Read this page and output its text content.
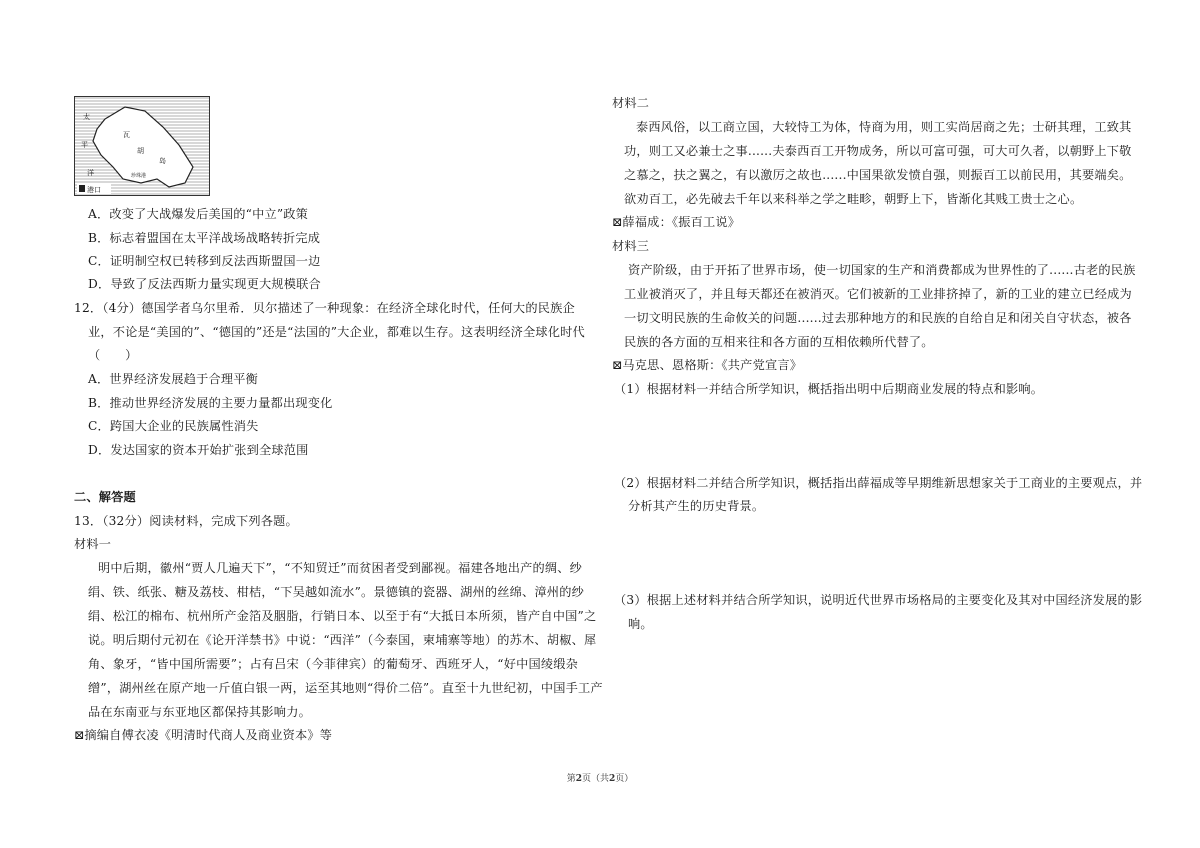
港口
太
平
洋
瓦
胡
岛
珍珠港
A．改变了大战爆发后美国的“中立”政策
B．标志着盟国在太平洋战场战略转折完成
C．证明制空权已转移到反法西斯盟国一边
D．导致了反法西斯力量实现更大规模联合
12．（4分）德国学者乌尔里希．贝尔描述了一种现象：在经济全球化时代，任何大的民族企
业，不论是“美国的”、“德国的”还是“法国的”大企业，都难以生存。这表明经济全球化时代
（　　）
A．世界经济发展趋于合理平衡
B．推动世界经济发展的主要力量都出现变化
C．跨国大企业的民族属性消失
D．发达国家的资本开始扩张到全球范围
二、解答题
13．（32分）阅读材料，完成下列各题。
材料一
明中后期，徽州“贾人几遍天下”，“不知贸迁”而贫困者受到鄙视。福建各地出产的绸、纱
绢、铁、纸张、糖及荔枝、柑桔，“下吴越如流水”。景德镇的瓷器、湖州的丝绵、漳州的纱
绢、松江的棉布、杭州所产金箔及胭脂，行销日本、以至于有“大抵日本所须，皆产自中国”之
说。明后期付元初在《论开洋禁书》中说：“西洋”（今泰国，柬埔寨等地）的苏木、胡椒、犀
角、象牙，“皆中国所需要”；占有吕宋（今菲律宾）的葡萄牙、西班牙人，“好中国绫缎杂
缯”，湖州丝在原产地一斤值白银一两，运至其地则“得价二倍”。直至十九世纪初，中国手工产
品在东南亚与东亚地区都保持其影响力。
⊠摘编自傅衣凌《明清时代商人及商业资本》等
材料二
泰西风俗，以工商立国，大较恃工为体，恃商为用，则工实尚居商之先；士研其理，工致其
功，则工又必兼士之事......夫泰西百工开物成务，所以可富可强，可大可久者，以朝野上下敬
之慕之，扶之翼之，有以激厉之故也......中国果欲发愤自强，则振百工以前民用，其要端矣。
欲劝百工，必先破去千年以来科举之学之畦畛，朝野上下，皆渐化其贱工贵士之心。
⊠薛福成：《振百工说》
材料三
资产阶级，由于开拓了世界市场，使一切国家的生产和消费都成为世界性的了......古老的民族
工业被消灭了，并且每天都还在被消灭。它们被新的工业排挤掉了，新的工业的建立已经成为
一切文明民族的生命攸关的问题......过去那种地方的和民族的自给自足和闭关自守状态，被各
民族的各方面的互相来往和各方面的互相依赖所代替了。
⊠马克思、恩格斯：《共产党宣言》
（1）根据材料一并结合所学知识，概括指出明中后期商业发展的特点和影响。
（2）根据材料二并结合所学知识，概括指出薛福成等早期维新思想家关于工商业的主要观点，并
分析其产生的历史背景。
（3）根据上述材料并结合所学知识，说明近代世界市场格局的主要变化及其对中国经济发展的影
响。
第2页（共2页）
